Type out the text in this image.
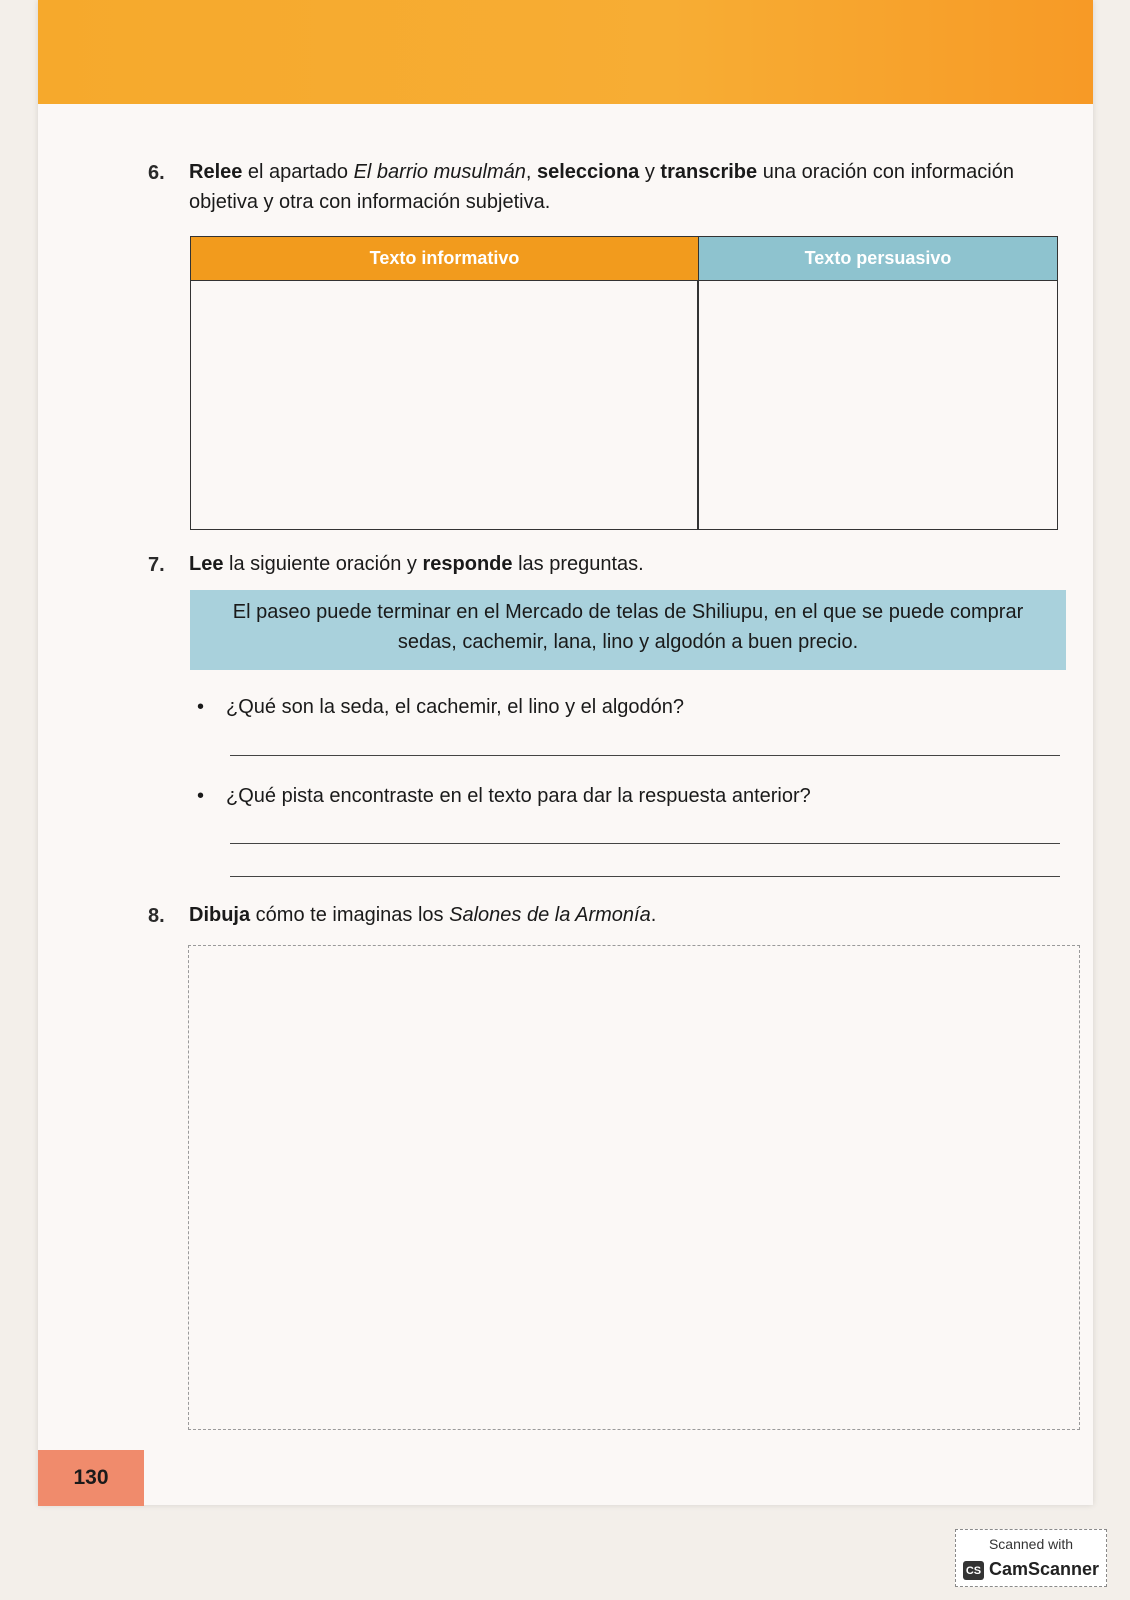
6. Relee el apartado El barrio musulmán, selecciona y transcribe una oración con información
objetiva y otra con información subjetiva.
Texto informativo	Texto persuasivo
7. Lee la siguiente oración y responde las preguntas.
El paseo puede terminar en el Mercado de telas de Shiliupu, en el que se puede comprar
sedas, cachemir, lana, lino y algodón a buen precio.
• ¿Qué son la seda, el cachemir, el lino y el algodón?
• ¿Qué pista encontraste en el texto para dar la respuesta anterior?
8. Dibuja cómo te imaginas los Salones de la Armonía.
130
Scanned with
CS CamScanner
